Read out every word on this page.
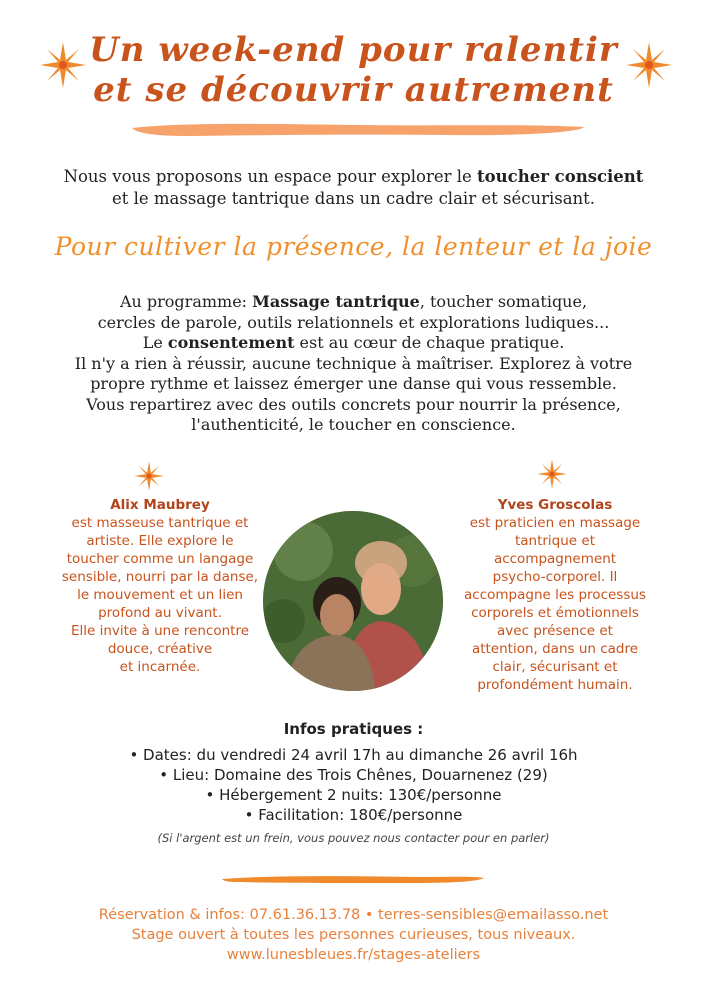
Un week-end pour ralentir
et se découvrir autrement
Nous vous proposons un espace pour explorer le toucher conscient
et le massage tantrique dans un cadre clair et sécurisant.
Pour cultiver la présence, la lenteur et la joie
Au programme: Massage tantrique, toucher somatique,
cercles de parole, outils relationnels et explorations ludiques...
Le consentement est au cœur de chaque pratique.
Il n'y a rien à réussir, aucune technique à maîtriser. Explorez à votre
propre rythme et laissez émerger une danse qui vous ressemble.
Vous repartirez avec des outils concrets pour nourrir la présence,
l'authenticité, le toucher en conscience.
Alix Maubrey
est masseuse tantrique et
artiste. Elle explore le
toucher comme un langage
sensible, nourri par la danse,
le mouvement et un lien
profond au vivant.
Elle invite à une rencontre
douce, créative
et incarnée.
Yves Groscolas
est praticien en massage
tantrique et
accompagnement
psycho-corporel. Il
accompagne les processus
corporels et émotionnels
avec présence et
attention, dans un cadre
clair, sécurisant et
profondément humain.
Infos pratiques :
• Dates: du vendredi 24 avril 17h au dimanche 26 avril 16h
• Lieu: Domaine des Trois Chênes, Douarnenez (29)
• Hébergement 2 nuits: 130€/personne
• Facilitation: 180€/personne
(Si l'argent est un frein, vous pouvez nous contacter pour en parler)
Réservation & infos: 07.61.36.13.78 • terres-sensibles@emailasso.net
Stage ouvert à toutes les personnes curieuses, tous niveaux.
www.lunesbleues.fr/stages-ateliers
